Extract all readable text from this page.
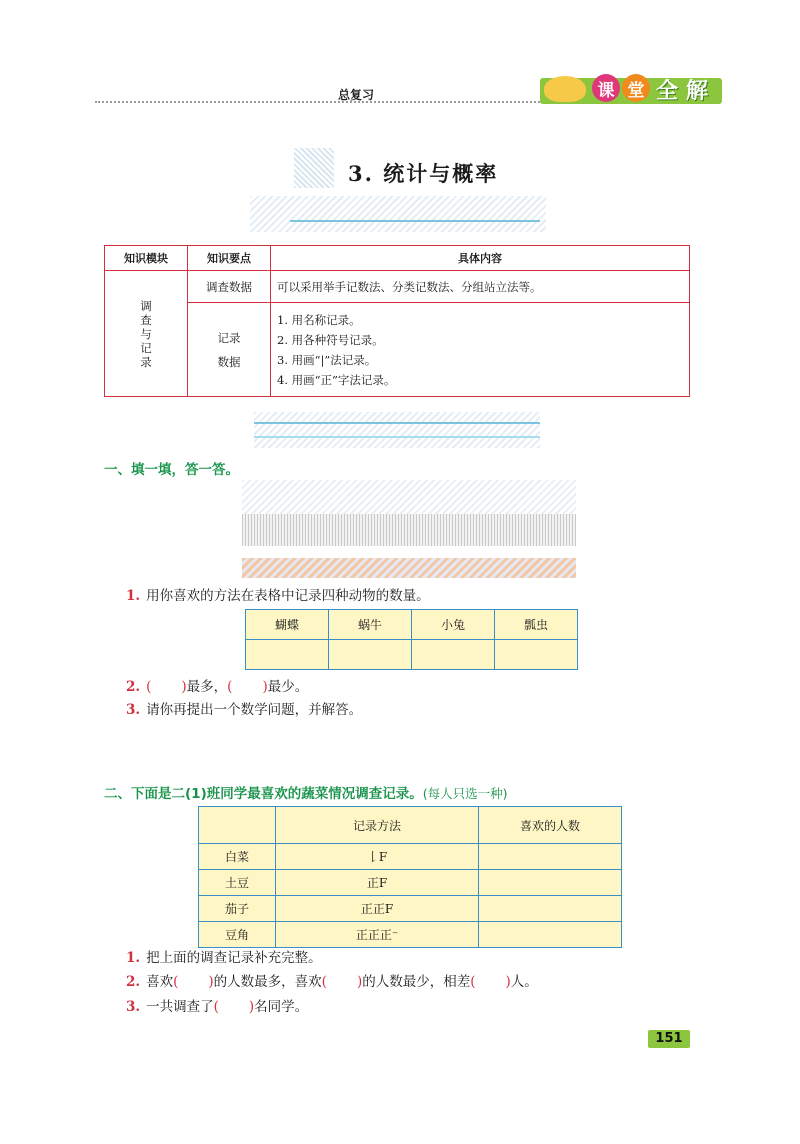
总复习	课 堂 全 解
3. 统计与概率
知识模块	知识要点	具体内容

调查与记录	调查数据	可以采用举手记数法、分类记数法、分组站立法等。

	记录数据	1. 用名称记录。
2. 用各种符号记录。
3. 用画“|”法记录。
4. 用画“正”字法记录。
一、填一填，答一答。
1. 用你喜欢的方法在表格中记录四种动物的数量。
蝴蝶	蜗牛	小兔	瓢虫

2. ( )最多，( )最少。
3. 请你再提出一个数学问题，并解答。
二、下面是二(1)班同学最喜欢的蔬菜情况调查记录。(每人只选一种)
	记录方法	喜欢的人数
白菜	𠄌F	
土豆	正F	
茄子	正正F	
豆角	正正正⁻	
1. 把上面的调查记录补充完整。
2. 喜欢( )的人数最多，喜欢( )的人数最少，相差( )人。
3. 一共调查了( )名同学。
151
